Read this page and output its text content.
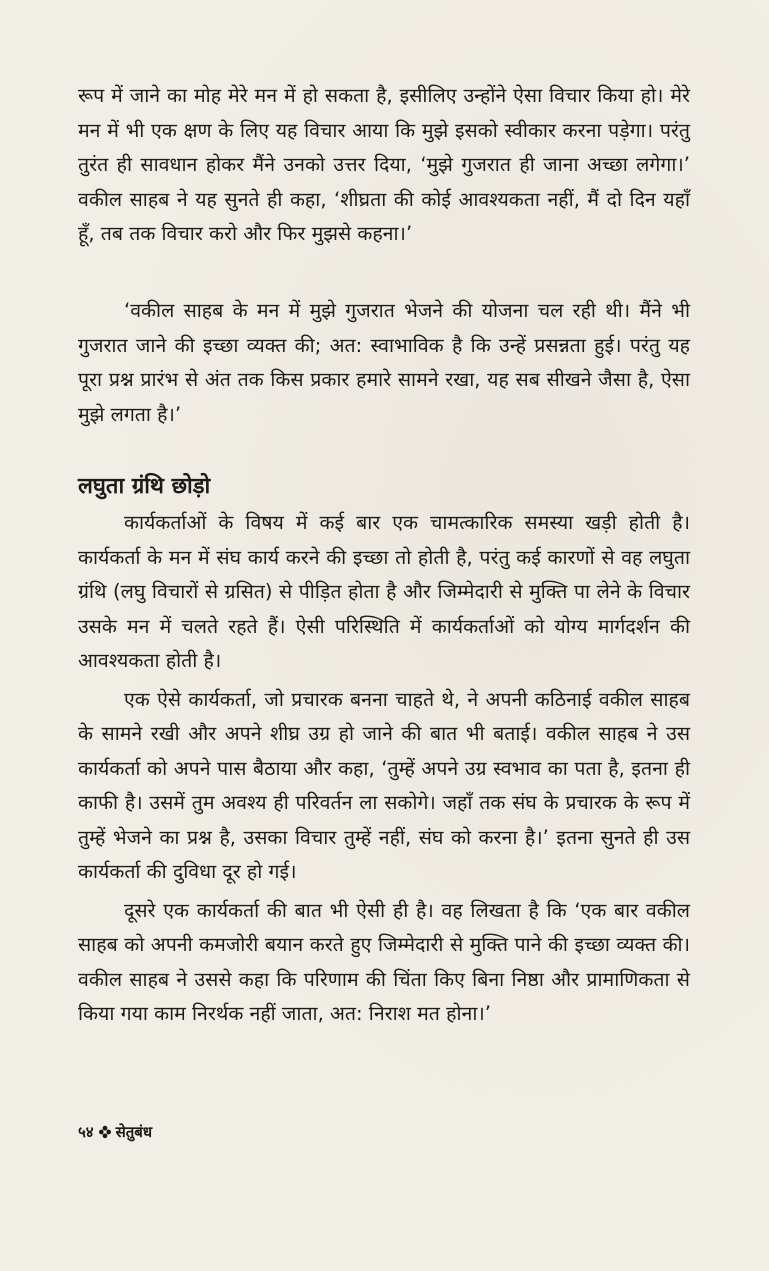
रूप में जाने का मोह मेरे मन में हो सकता है, इसीलिए उन्होंने ऐसा विचार किया हो। मेरे मन में भी एक क्षण के लिए यह विचार आया कि मुझे इसको स्वीकार करना पड़ेगा। परंतु तुरंत ही सावधान होकर मैंने उनको उत्तर दिया, ‘मुझे गुजरात ही जाना अच्छा लगेगा।’ वकील साहब ने यह सुनते ही कहा, ‘शीघ्रता की कोई आवश्यकता नहीं, मैं दो दिन यहाँ हूँ, तब तक विचार करो और फिर मुझसे कहना।’

‘वकील साहब के मन में मुझे गुजरात भेजने की योजना चल रही थी। मैंने भी गुजरात जाने की इच्छा व्यक्त की; अत: स्वाभाविक है कि उन्हें प्रसन्नता हुई। परंतु यह पूरा प्रश्न प्रारंभ से अंत तक किस प्रकार हमारे सामने रखा, यह सब सीखने जैसा है, ऐसा मुझे लगता है।’

लघुता ग्रंथि छोड़ो

कार्यकर्ताओं के विषय में कई बार एक चामत्कारिक समस्या खड़ी होती है। कार्यकर्ता के मन में संघ कार्य करने की इच्छा तो होती है, परंतु कई कारणों से वह लघुता ग्रंथि (लघु विचारों से ग्रसित) से पीड़ित होता है और जिम्मेदारी से मुक्ति पा लेने के विचार उसके मन में चलते रहते हैं। ऐसी परिस्थिति में कार्यकर्ताओं को योग्य मार्गदर्शन की आवश्यकता होती है।

एक ऐसे कार्यकर्ता, जो प्रचारक बनना चाहते थे, ने अपनी कठिनाई वकील साहब के सामने रखी और अपने शीघ्र उग्र हो जाने की बात भी बताई। वकील साहब ने उस कार्यकर्ता को अपने पास बैठाया और कहा, ‘तुम्हें अपने उग्र स्वभाव का पता है, इतना ही काफी है। उसमें तुम अवश्य ही परिवर्तन ला सकोगे। जहाँ तक संघ के प्रचारक के रूप में तुम्हें भेजने का प्रश्न है, उसका विचार तुम्हें नहीं, संघ को करना है।’ इतना सुनते ही उस कार्यकर्ता की दुविधा दूर हो गई।

दूसरे एक कार्यकर्ता की बात भी ऐसी ही है। वह लिखता है कि ‘एक बार वकील साहब को अपनी कमजोरी बयान करते हुए जिम्मेदारी से मुक्ति पाने की इच्छा व्यक्त की। वकील साहब ने उससे कहा कि परिणाम की चिंता किए बिना निष्ठा और प्रामाणिकता से किया गया काम निरर्थक नहीं जाता, अत: निराश मत होना।’

५४ सेतुबंध
